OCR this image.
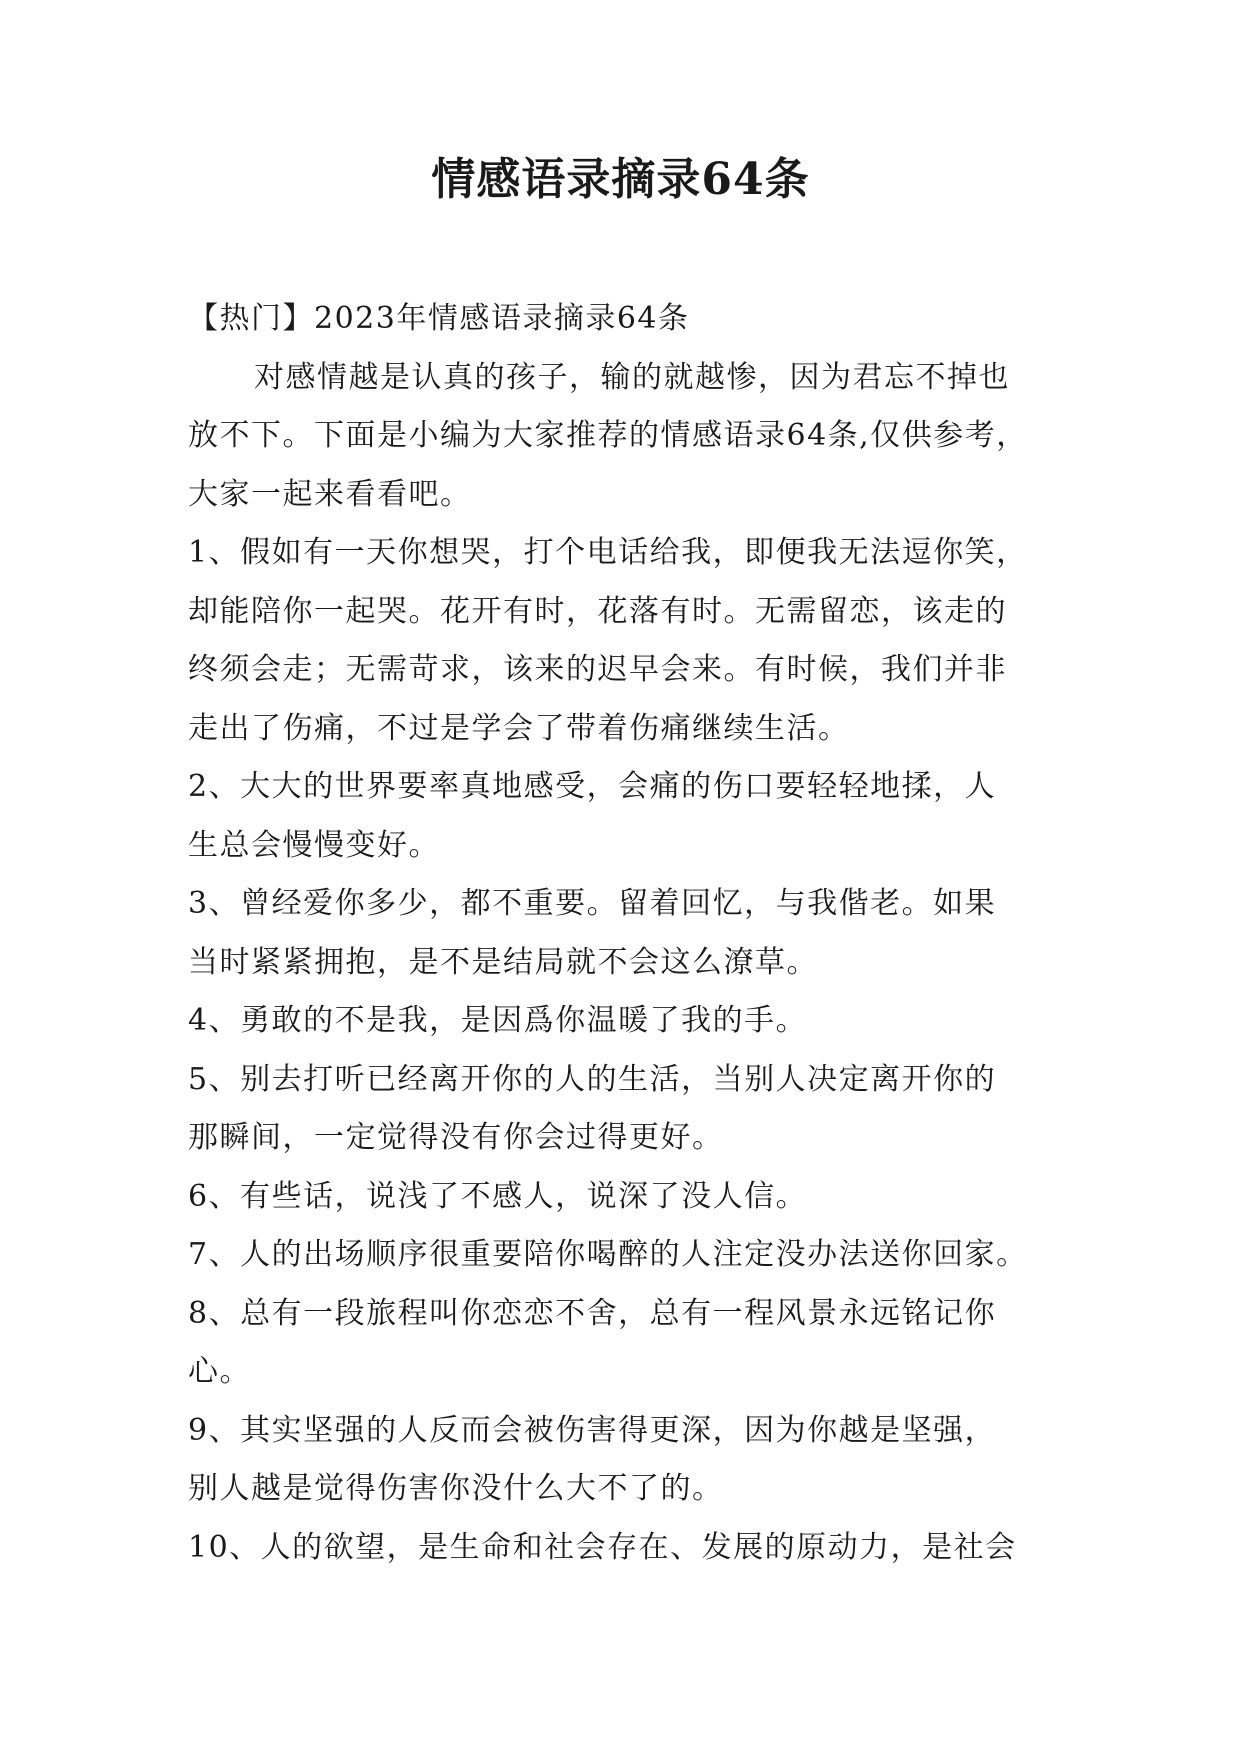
情感语录摘录64条
【热门】2023年情感语录摘录64条
对感情越是认真的孩子，输的就越惨，因为君忘不掉也
放不下。下面是小编为大家推荐的情感语录64条,仅供参考，
大家一起来看看吧。
1、假如有一天你想哭，打个电话给我，即便我无法逗你笑，
却能陪你一起哭。花开有时，花落有时。无需留恋，该走的
终须会走；无需苛求，该来的迟早会来。有时候，我们并非
走出了伤痛，不过是学会了带着伤痛继续生活。
2、大大的世界要率真地感受，会痛的伤口要轻轻地揉，人
生总会慢慢变好。
3、曾经爱你多少，都不重要。留着回忆，与我偕老。如果
当时紧紧拥抱，是不是结局就不会这么潦草。
4、勇敢的不是我，是因爲你温暖了我的手。
5、别去打听已经离开你的人的生活，当别人决定离开你的
那瞬间，一定觉得没有你会过得更好。
6、有些话，说浅了不感人，说深了没人信。
7、人的出场顺序很重要陪你喝醉的人注定没办法送你回家。
8、总有一段旅程叫你恋恋不舍，总有一程风景永远铭记你
心。
9、其实坚强的人反而会被伤害得更深，因为你越是坚强，
别人越是觉得伤害你没什么大不了的。
10、人的欲望，是生命和社会存在、发展的原动力，是社会
